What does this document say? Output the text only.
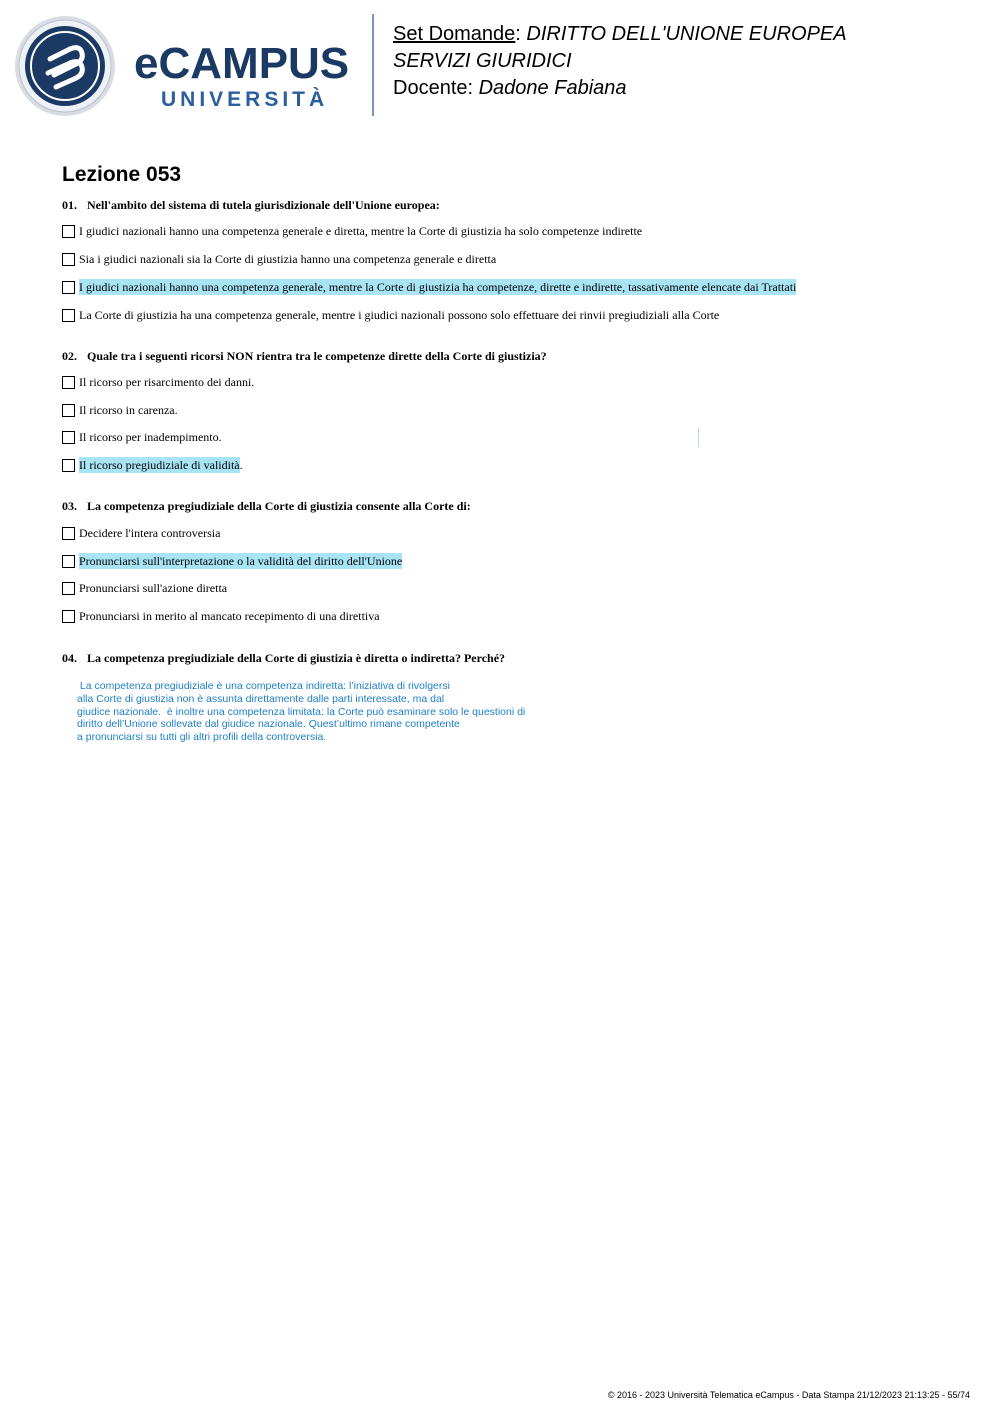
eCAMPUS
UNIVERSITÀ
Set Domande: DIRITTO DELL'UNIONE EUROPEA
SERVIZI GIURIDICI
Docente: Dadone Fabiana
Lezione 053
01. Nell'ambito del sistema di tutela giurisdizionale dell'Unione europea:
I giudici nazionali hanno una competenza generale e diretta, mentre la Corte di giustizia ha solo competenze indirette
Sia i giudici nazionali sia la Corte di giustizia hanno una competenza generale e diretta
I giudici nazionali hanno una competenza generale, mentre la Corte di giustizia ha competenze, dirette e indirette, tassativamente elencate dai Trattati
La Corte di giustizia ha una competenza generale, mentre i giudici nazionali possono solo effettuare dei rinvii pregiudiziali alla Corte
02. Quale tra i seguenti ricorsi NON rientra tra le competenze dirette della Corte di giustizia?
Il ricorso per risarcimento dei danni.
Il ricorso in carenza.
Il ricorso per inadempimento.
Il ricorso pregiudiziale di validità .
03. La competenza pregiudiziale della Corte di giustizia consente alla Corte di:
Decidere l'intera controversia
Pronunciarsi sull'interpretazione o la validità del diritto dell'Unione
Pronunciarsi sull'azione diretta
Pronunciarsi in merito al mancato recepimento di una direttiva
04. La competenza pregiudiziale della Corte di giustizia è diretta o indiretta? Perché?
La competenza pregiudiziale è una competenza indiretta: l’iniziativa di rivolgersi
alla Corte di giustizia non è assunta direttamente dalle parti interessate, ma dal
giudice nazionale.  è inoltre una competenza limitata: la Corte può esaminare solo le questioni di
diritto dell’Unione sollevate dal giudice nazionale. Quest’ultimo rimane competente
a pronunciarsi su tutti gli altri profili della controversia.
© 2016 - 2023 Università Telematica eCampus - Data Stampa 21/12/2023 21:13:25 - 55/74
